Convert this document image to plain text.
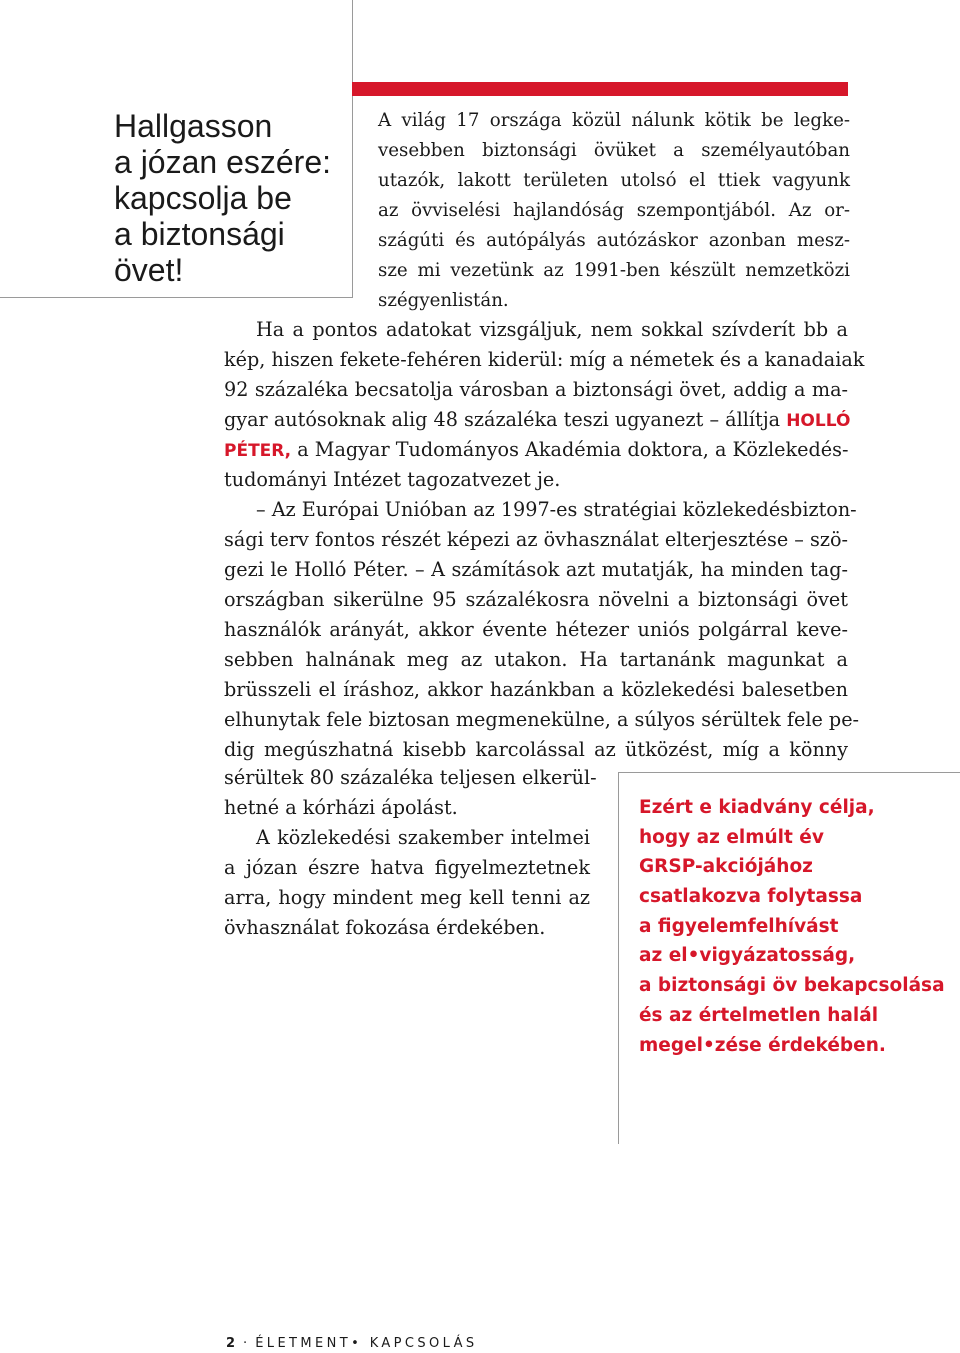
Hallgasson
a józan eszére:
kapcsolja be
a biztonsági
övet!
A világ 17 országa közül nálunk kötik be legke-
vesebben biztonsági övüket a személyautóban
utazók, lakott területen utolsó el ttiek vagyunk
az övviselési hajlandóság szempontjából. Az or-
szágúti és autópályás autózáskor azonban mesz-
sze mi vezetünk az 1991-ben készült nemzetközi
szégyenlistán.
Ha a pontos adatokat vizsgáljuk, nem sokkal szívderít bb a
kép, hiszen fekete-fehéren kiderül: míg a németek és a kanadaiak
92 százaléka becsatolja városban a biztonsági övet, addig a ma-
gyar autósoknak alig 48 százaléka teszi ugyanezt – állítja HOLLÓ
PÉTER, a Magyar Tudományos Akadémia doktora, a Közlekedés-
tudományi Intézet tagozatvezet je.
– Az Európai Unióban az 1997-es stratégiai közlekedésbizton-
sági terv fontos részét képezi az övhasználat elterjesztése – szö-
gezi le Holló Péter. – A számítások azt mutatják, ha minden tag-
országban sikerülne 95 százalékosra növelni a biztonsági övet
használók arányát, akkor évente hétezer uniós polgárral keve-
sebben halnának meg az utakon. Ha tartanánk magunkat a
brüsszeli el íráshoz, akkor hazánkban a közlekedési balesetben
elhunytak fele biztosan megmenekülne, a súlyos sérültek fele pe-
dig megúszhatná kisebb karcolással az ütközést, míg a könny
sérültek 80 százaléka teljesen elkerül-
hetné a kórházi ápolást.
A közlekedési szakember intelmei
a józan észre hatva figyelmeztetnek
arra, hogy mindent meg kell tenni az
övhasználat fokozása érdekében.
Ezért e kiadvány célja,
hogy az elmúlt év
GRSP-akciójához
csatlakozva folytassa
a figyelemfelhívást
az el•vigyázatosság,
a biztonsági öv bekapcsolása
és az értelmetlen halál
megel•zése érdekében.
2 · ÉLETMENT• KAPCSOLÁS
